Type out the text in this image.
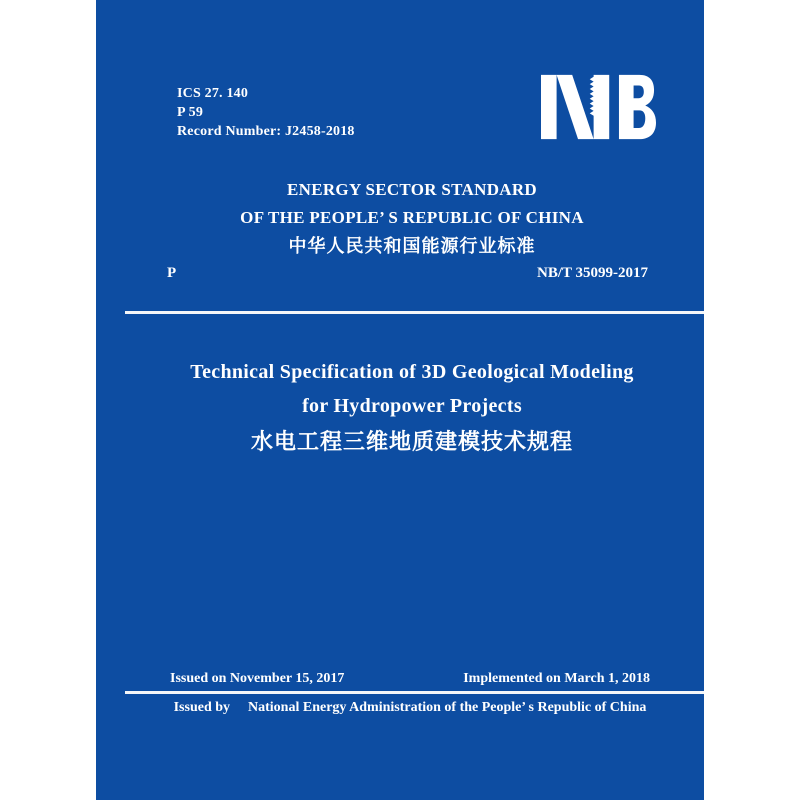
ICS 27. 140
P 59
Record Number: J2458-2018
ENERGY SECTOR STANDARD
OF THE PEOPLE’ S REPUBLIC OF CHINA
中华人民共和国能源行业标准
P	NB/T 35099-2017
Technical Specification of 3D Geological Modeling
for Hydropower Projects
水电工程三维地质建模技术规程
Issued on November 15, 2017	Implemented on March 1, 2018
Issued by National Energy Administration of the People’ s Republic of China
